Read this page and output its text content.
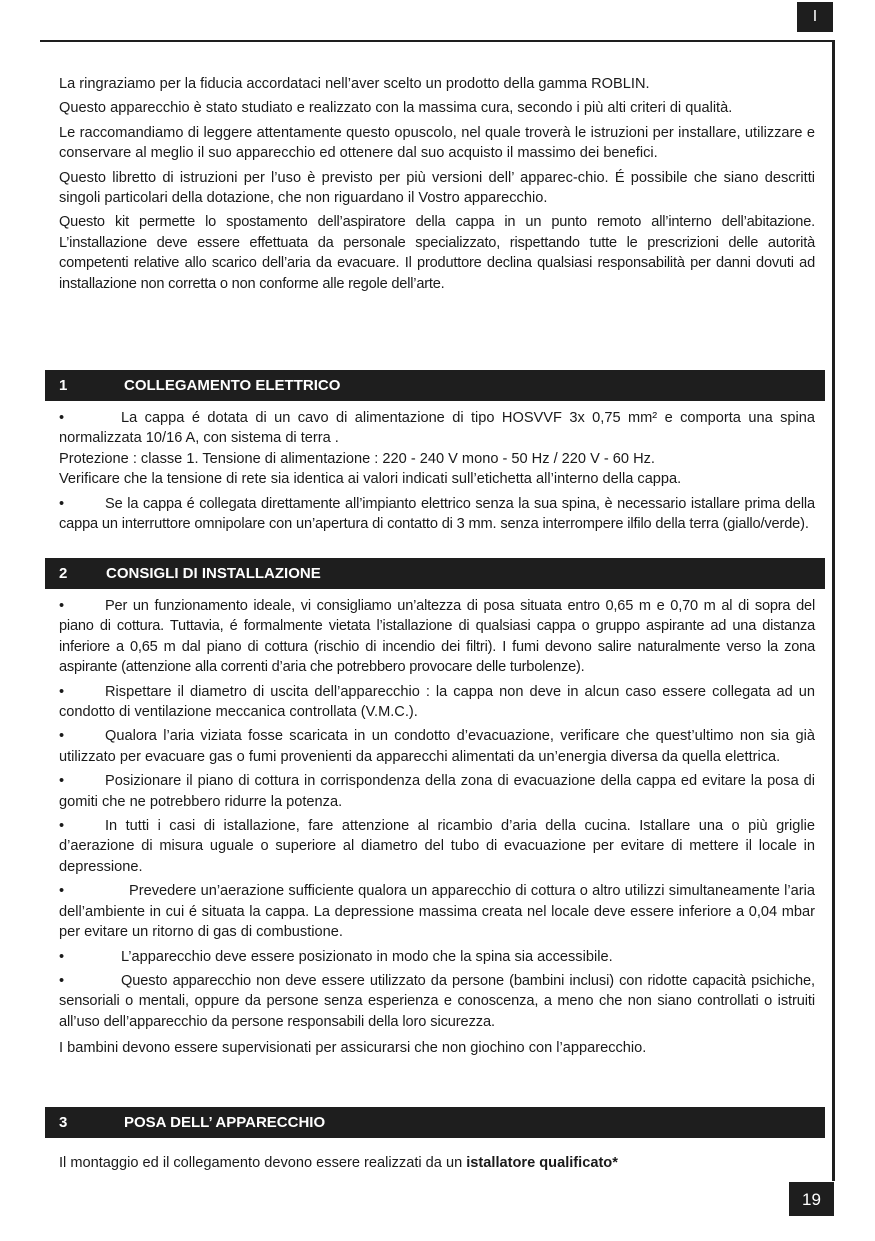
I

La ringraziamo per la fiducia accordataci nell’aver scelto un prodotto della gamma ROBLIN.

Questo apparecchio è stato studiato e realizzato con la massima cura, secondo i più alti criteri di qualità.

Le raccomandiamo di leggere attentamente questo opuscolo, nel quale troverà le istruzioni per installare, utilizzare e conservare al meglio il suo apparecchio ed ottenere dal suo acquisto il massimo dei benefici.

Questo libretto di istruzioni per l’uso è previsto per più versioni dell’ apparec-chio. É possibile che siano descritti singoli particolari della dotazione, che non riguardano il Vostro apparecchio.

Questo kit permette lo spostamento dell’aspiratore della cappa in un punto remoto all’interno dell’abitazione. L’installazione deve essere effettuata da personale specializzato, rispettando tutte le prescrizioni delle autorità competenti relative allo scarico dell’aria da evacuare. Il produttore declina qualsiasi responsabilità per danni dovuti ad installazione non corretta o non conforme alle regole dell’arte.

1	COLLEGAMENTO ELETTRICO

•	La cappa é dotata di un cavo di alimentazione di tipo HOSVVF 3x 0,75 mm² e comporta una spina normalizzata 10/16 A, con sistema di terra .

Protezione : classe 1. Tensione di alimentazione : 220 - 240 V mono - 50 Hz / 220 V - 60 Hz.

Verificare che la tensione di rete sia identica ai valori indicati sull’etichetta all’interno della cappa.

•	Se la cappa é collegata direttamente all’impianto elettrico senza la sua spina, è necessario istallare prima della cappa un interruttore omnipolare con un’apertura di contatto di 3 mm. senza interrompere ilfilo della terra (giallo/verde).

2	CONSIGLI DI INSTALLAZIONE

•	Per un funzionamento ideale, vi consigliamo un’altezza di posa situata entro 0,65 m e 0,70 m al di sopra del piano di cottura. Tuttavia, é formalmente vietata l’istallazione di qualsiasi cappa o gruppo aspirante ad una distanza inferiore a 0,65 m dal piano di cottura (rischio di incendio dei filtri). I fumi devono salire naturalmente verso la zona aspirante (attenzione alla correnti d’aria che potrebbero provocare delle turbolenze).

•	Rispettare il diametro di uscita dell’apparecchio : la cappa non deve in alcun caso essere collegata ad un condotto di ventilazione meccanica controllata (V.M.C.).

•	Qualora l’aria viziata fosse scaricata in un condotto d’evacuazione, verificare che quest’ultimo non sia già utilizzato per evacuare gas o fumi provenienti da apparecchi alimentati da un’energia diversa da quella elettrica.

•	Posizionare il piano di cottura in corrispondenza della zona di evacuazione della cappa ed evitare la posa di gomiti che ne potrebbero ridurre la potenza.

•	In tutti i casi di istallazione, fare attenzione al ricambio d’aria della cucina. Istallare una o più griglie d’aerazione di misura uguale o superiore al diametro del tubo di evacuazione per evitare di mettere il locale in depressione.

•	Prevedere un’aerazione sufficiente qualora un apparecchio di cottura o altro utilizzi simultaneamente l’aria dell’ambiente in cui é situata la cappa. La depressione massima creata nel locale deve essere inferiore a 0,04 mbar per evitare un ritorno di gas di combustione.

•	L’apparecchio deve essere posizionato in modo che la spina sia accessibile.

•	Questo apparecchio non deve essere utilizzato da persone (bambini inclusi) con ridotte capacità psichiche, sensoriali o mentali, oppure da persone senza esperienza e conoscenza, a meno che non siano controllati o istruiti all’uso dell’apparecchio da persone responsabili della loro sicurezza.

I bambini devono essere supervisionati per assicurarsi che non giochino con l’apparecchio.

3	POSA DELL’ APPARECCHIO

Il montaggio ed il collegamento devono essere realizzati da un istallatore qualificato*

19
